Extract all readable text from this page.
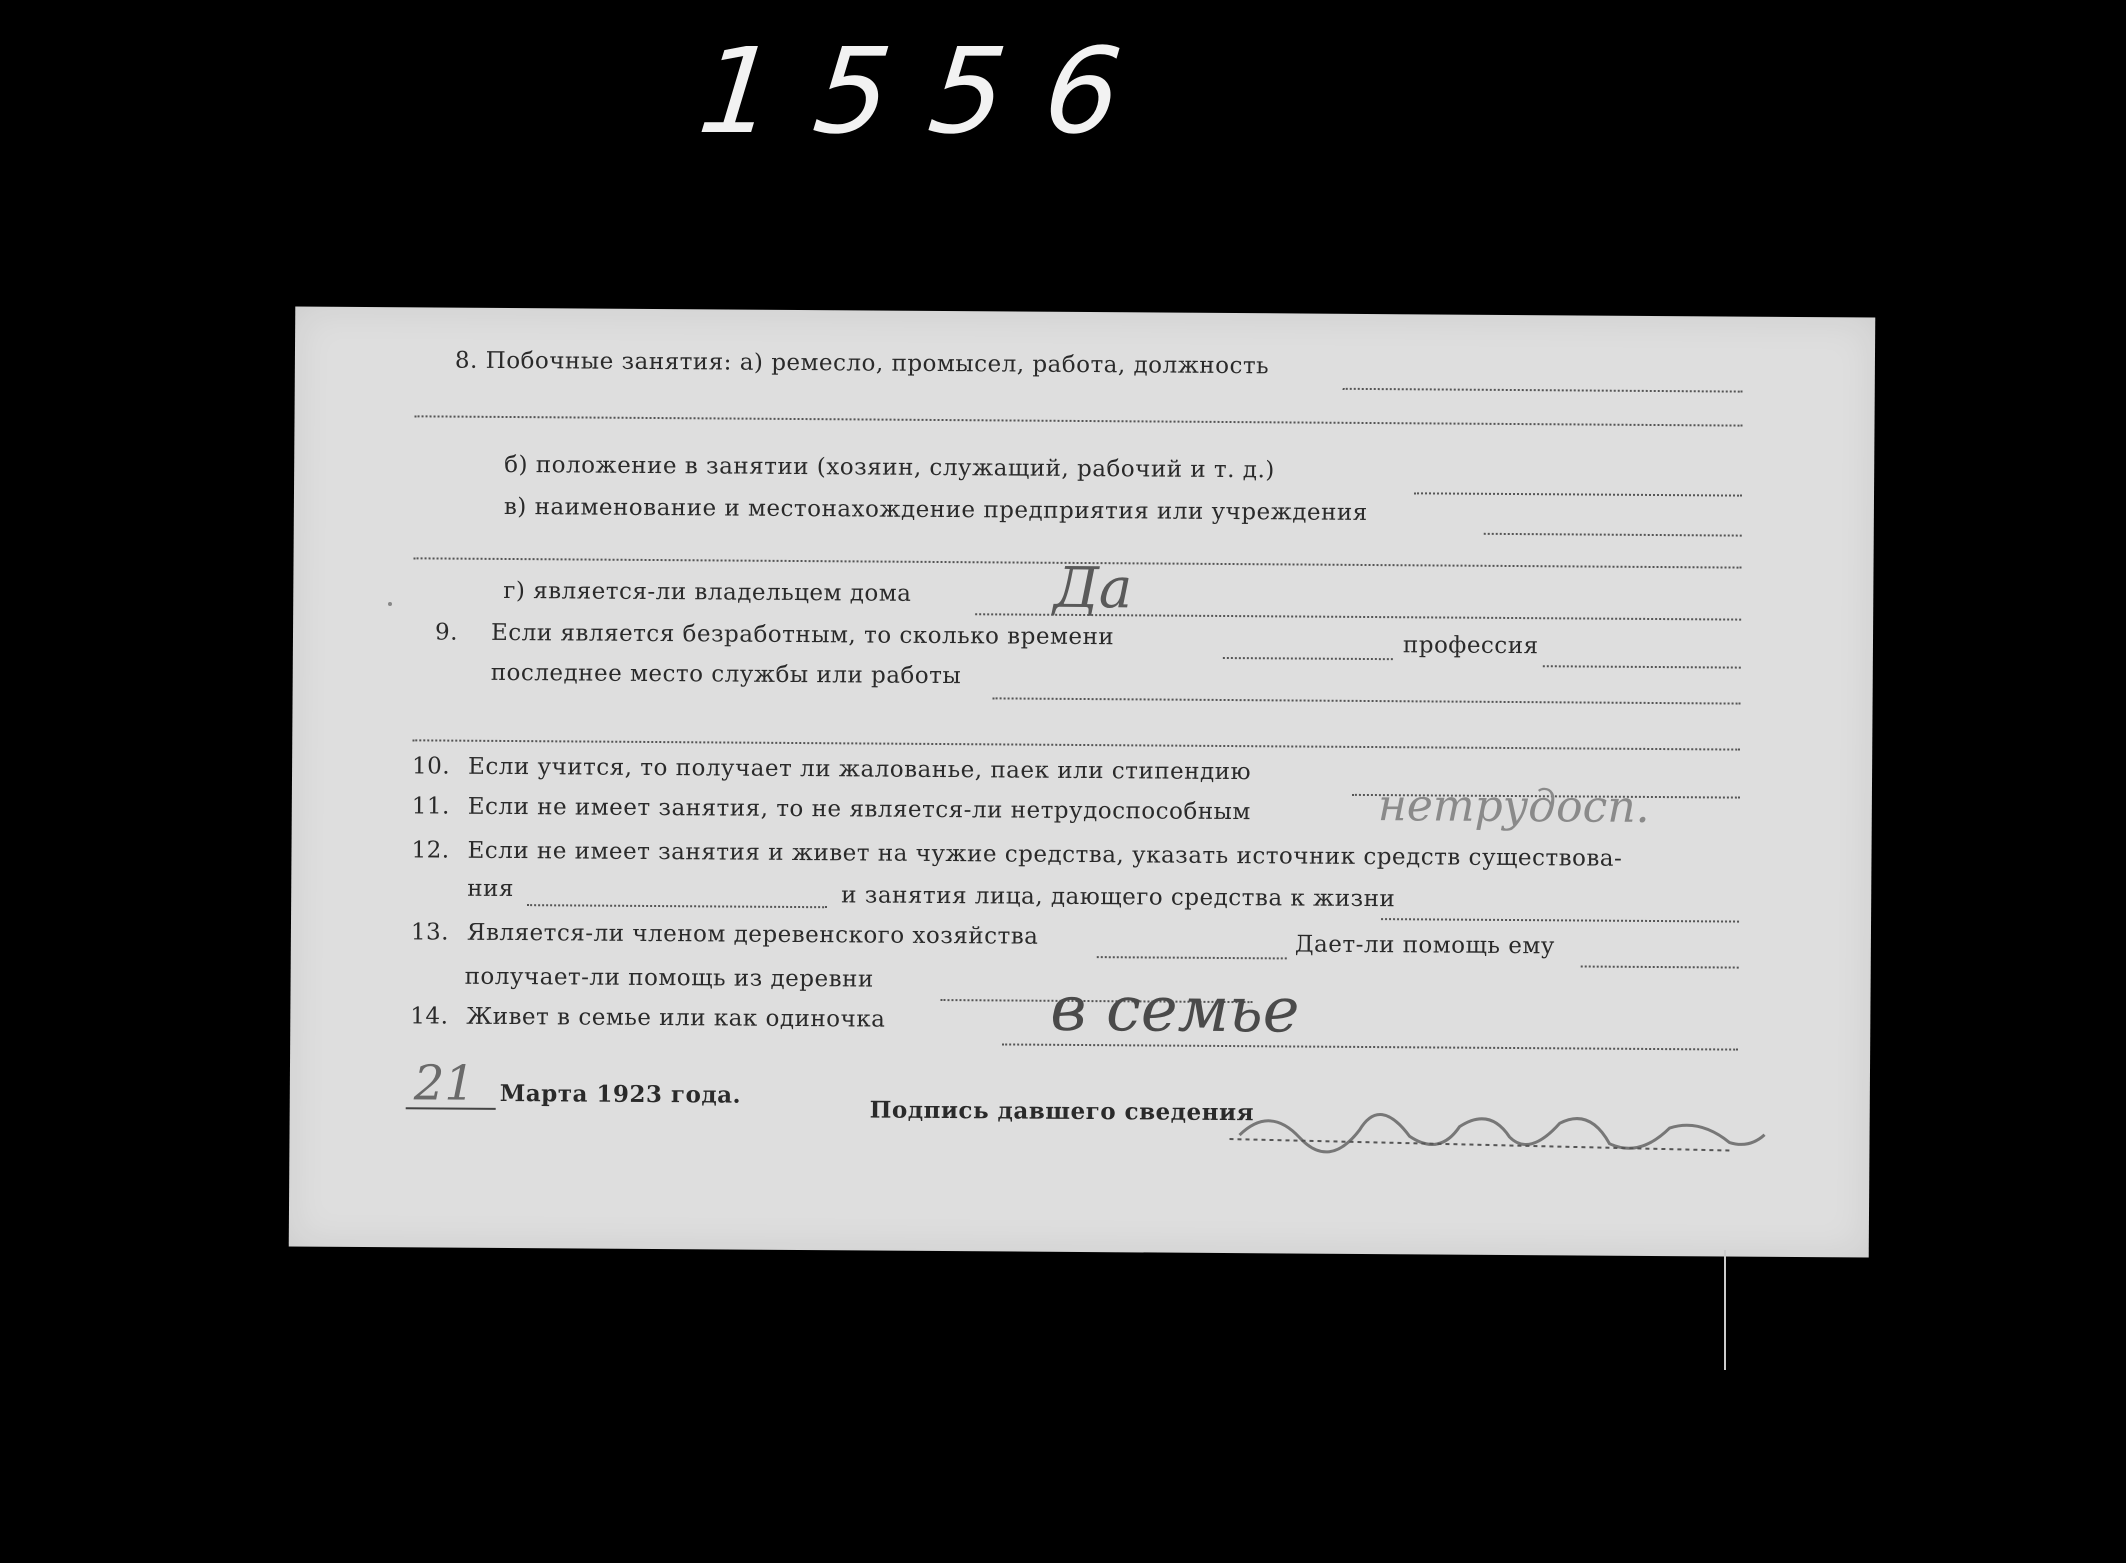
1556
8. Побочные занятия: а) ремесло, промысел, работа, должность
б) положение в занятии (хозяин, служащий, рабочий и т. д.)
в) наименование и местонахождение предприятия или учреждения
г) является-ли владельцем дома	Да
9. Если является безработным, то сколько времени	профессия
последнее место службы или работы
10. Если учится, то получает ли жалованье, паек или стипендию
11. Если не имеет занятия, то не является-ли нетрудоспособным	нетрудосп.
12. Если не имеет занятия и живет на чужие средства, указать источник средств существова-
ния	и занятия лица, дающего средства к жизни
13. Является-ли членом деревенского хозяйства	Дает-ли помощь ему
получает-ли помощь из деревни
14. Живет в семье или как одиночка	в семье
21 Марта 1923 года.
Подпись давшего сведения
